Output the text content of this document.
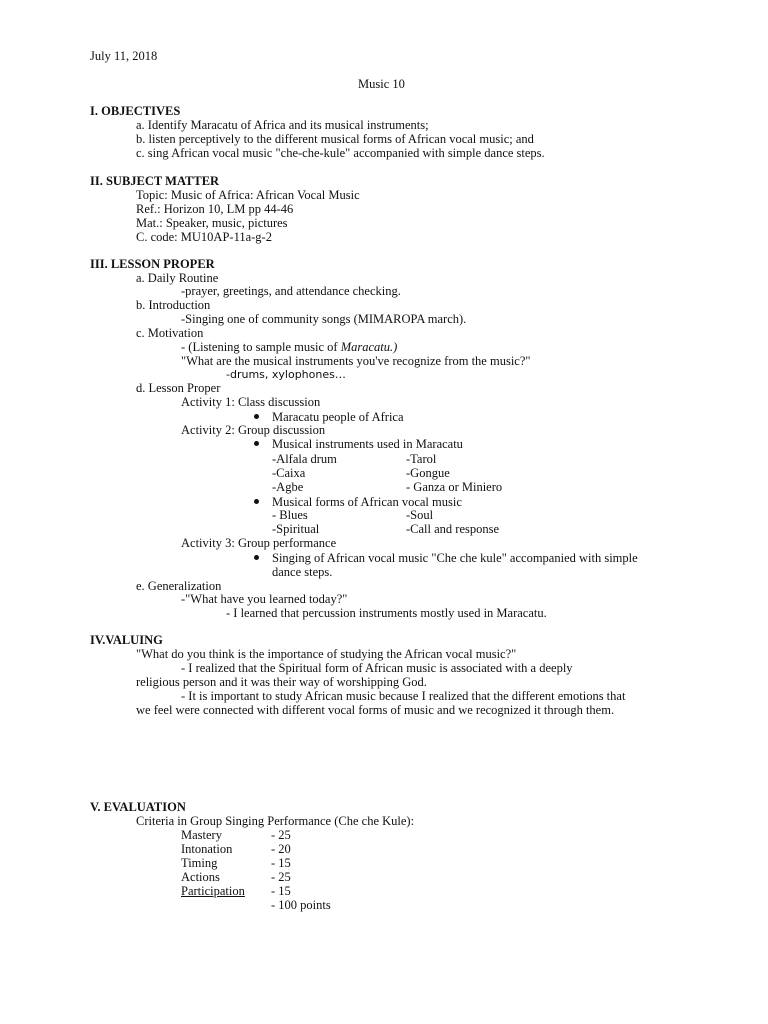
July 11, 2018
Music 10
I. OBJECTIVES
a. Identify Maracatu of Africa and its musical instruments;
b. listen perceptively to the different musical forms of African vocal music; and
c. sing African vocal music "che-che-kule" accompanied with simple dance steps.
II. SUBJECT MATTER
Topic: Music of Africa: African Vocal Music
Ref.: Horizon 10, LM pp 44-46
Mat.: Speaker, music, pictures
C. code: MU10AP-11a-g-2
III. LESSON PROPER
a. Daily Routine
-prayer, greetings, and attendance checking.
b. Introduction
-Singing one of community songs (MIMAROPA march).
c. Motivation
- (Listening to sample music of Maracatu.)
"What are the musical instruments you've recognize from the music?"
-drums, xylophones…
d. Lesson Proper
Activity 1: Class discussion
Maracatu people of Africa
Activity 2: Group discussion
Musical instruments used in Maracatu
-Alfala drum	-Tarol
-Caixa	-Gongue
-Agbe	- Ganza or Miniero
Musical forms of African vocal music
- Blues	-Soul
-Spiritual	-Call and response
Activity 3: Group performance
Singing of African vocal music "Che che kule" accompanied with simple
dance steps.
e. Generalization
-"What have you learned today?"
- I learned that percussion instruments mostly used in Maracatu.
IV.VALUING
"What do you think is the importance of studying the African vocal music?"
- I realized that the Spiritual form of African music is associated with a deeply
religious person and it was their way of worshipping God.
- It is important to study African music because I realized that the different emotions that
we feel were connected with different vocal forms of music and we recognized it through them.
V. EVALUATION
Criteria in Group Singing Performance (Che che Kule):
Mastery	- 25
Intonation	- 20
Timing	- 15
Actions	- 25
Participation - 15
- 100 points
